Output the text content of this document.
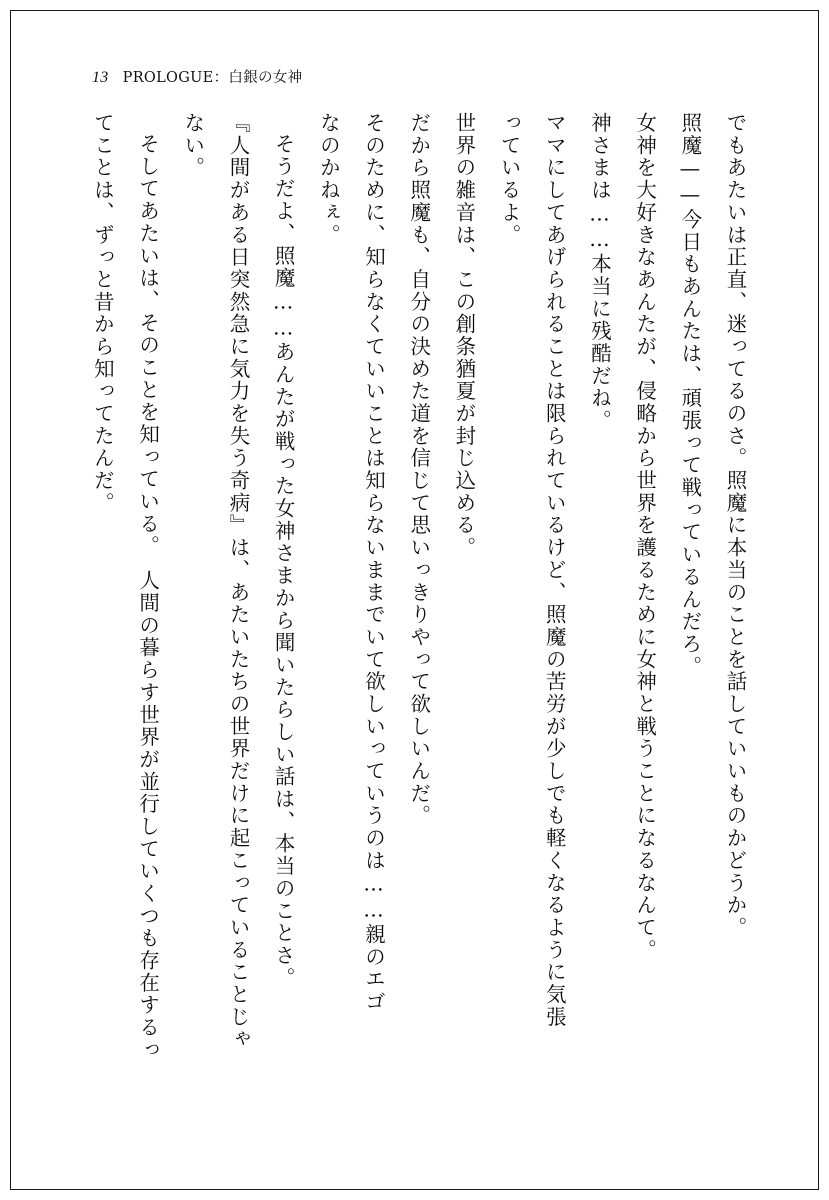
13 PROLOGUE：白銀の女神
でもあたいは正直、迷ってるのさ。照魔に本当のことを話していいものかどうか。
照魔——今日もあんたは、頑張って戦っているんだろ。
女神を大好きなあんたが、侵略から世界を護るために女神と戦うことになるなんて。
神さまは……本当に残酷だね。
ママにしてあげられることは限られているけど、照魔の苦労が少しでも軽くなるように気張
っているよ。
世界の雑音は、この創条猶夏が封じ込める。
だから照魔も、自分の決めた道を信じて思いっきりやって欲しいんだ。
そのために、知らなくていいことは知らないままでいて欲しいっていうのは……親のエゴ
なのかねぇ。
そうだよ、照魔……あんたが戦った女神さまから聞いたらしい話は、本当のことさ。
『人間がある日突然急に気力を失う奇病』は、あたいたちの世界だけに起こっていることじゃ
ない。
そしてあたいは、そのことを知っている。　人間の暮らす世界が並行していくつも存在するっ
てことは、ずっと昔から知ってたんだ。
